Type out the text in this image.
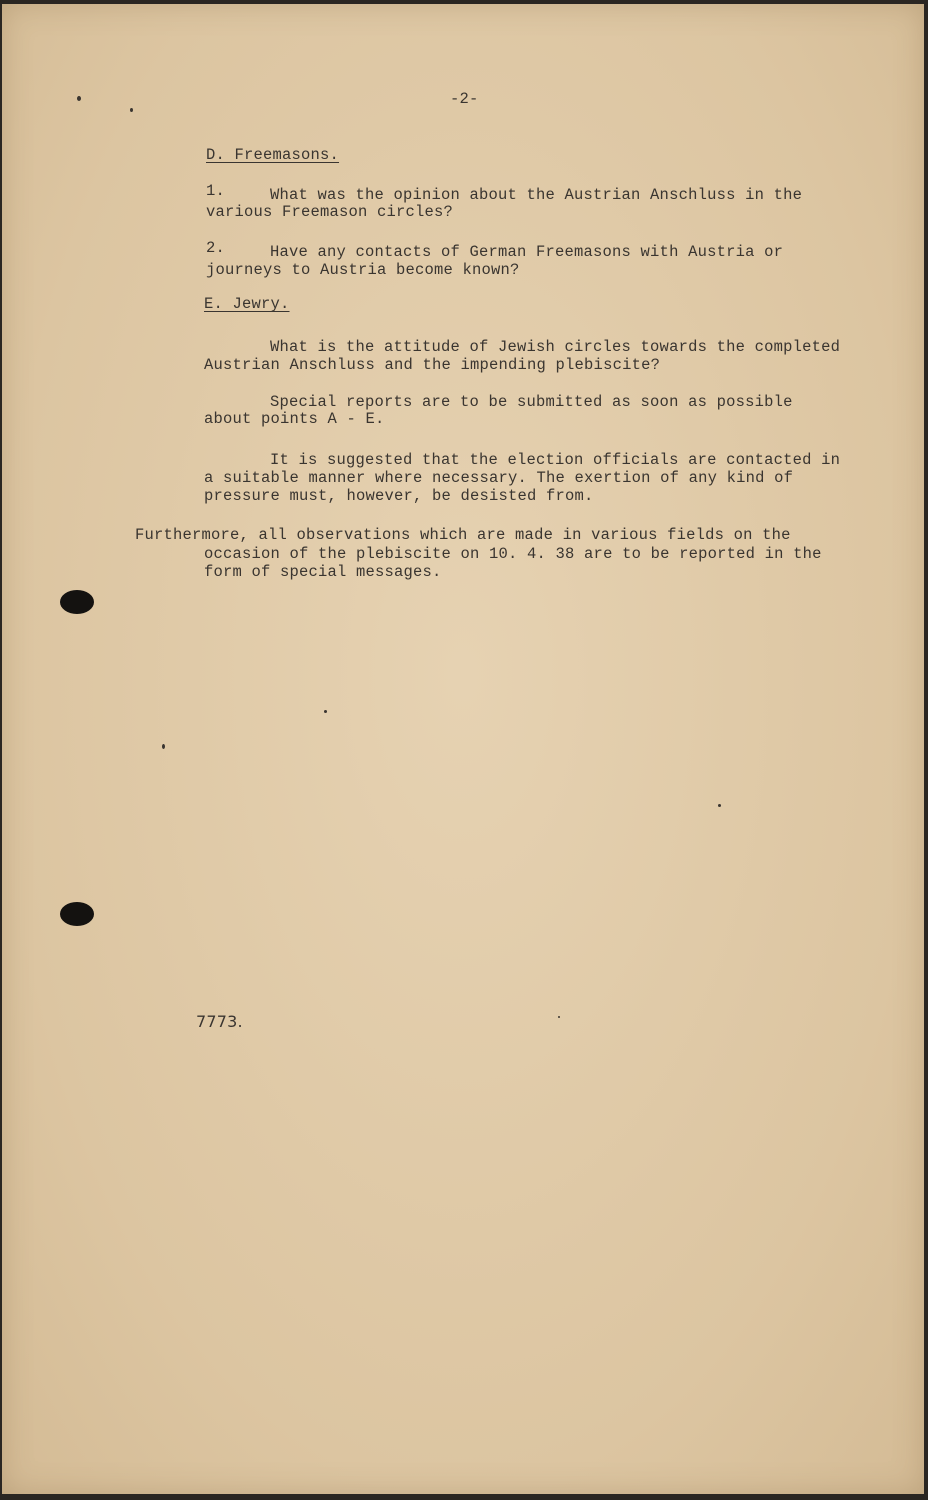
-2-

D. Freemasons.

1.	What was the opinion about the Austrian Anschluss in the

various Freemason circles?

2.	Have any contacts of German Freemasons with Austria or

journeys to Austria become known?

E. Jewry.

What is the attitude of Jewish circles towards the completed

Austrian Anschluss and the impending plebiscite?

Special reports are to be submitted as soon as possible

about points A - E.

It is suggested that the election officials are contacted in

a suitable manner where necessary. The exertion of any kind of

pressure must, however, be desisted from.

Furthermore, all observations which are made in various fields on the

occasion of the plebiscite on 10. 4. 38 are to be reported in the

form of special messages.

7773.
